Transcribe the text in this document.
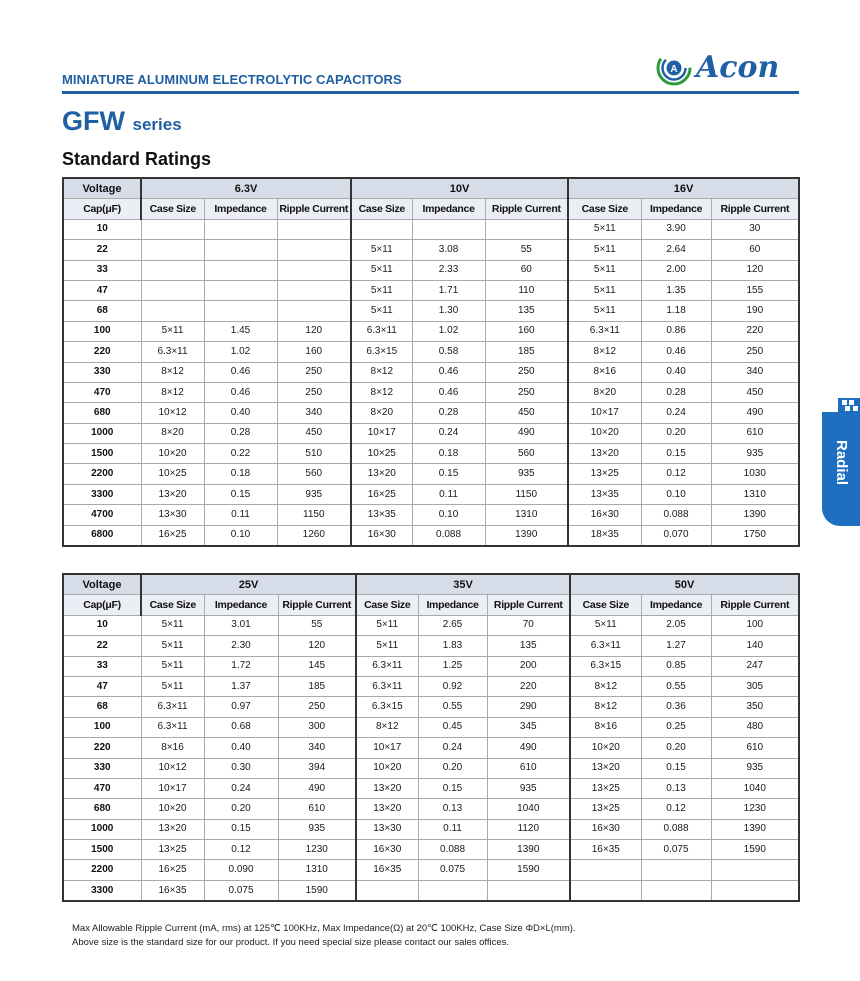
MINIATURE ALUMINUM ELECTROLYTIC CAPACITORS
A Acon
GFW series
Standard Ratings
Radial
Voltage	6.3V			10V			16V		
Cap(μF)	Case Size	Impedance	Ripple Current	Case Size	Impedance	Ripple Current	Case Size	Impedance	Ripple Current
10							5×11	3.90	30
22				5×11	3.08	55	5×11	2.64	60
33				5×11	2.33	60	5×11	2.00	120
47				5×11	1.71	110	5×11	1.35	155
68				5×11	1.30	135	5×11	1.18	190
100	5×11	1.45	120	6.3×11	1.02	160	6.3×11	0.86	220
220	6.3×11	1.02	160	6.3×15	0.58	185	8×12	0.46	250
330	8×12	0.46	250	8×12	0.46	250	8×16	0.40	340
470	8×12	0.46	250	8×12	0.46	250	8×20	0.28	450
680	10×12	0.40	340	8×20	0.28	450	10×17	0.24	490
1000	8×20	0.28	450	10×17	0.24	490	10×20	0.20	610
1500	10×20	0.22	510	10×25	0.18	560	13×20	0.15	935
2200	10×25	0.18	560	13×20	0.15	935	13×25	0.12	1030
3300	13×20	0.15	935	16×25	0.11	1150	13×35	0.10	1310
4700	13×30	0.11	1150	13×35	0.10	1310	16×30	0.088	1390
6800	16×25	0.10	1260	16×30	0.088	1390	18×35	0.070	1750
Voltage	25V			35V			50V		
Cap(μF)	Case Size	Impedance	Ripple Current	Case Size	Impedance	Ripple Current	Case Size	Impedance	Ripple Current
10	5×11	3.01	55	5×11	2.65	70	5×11	2.05	100
22	5×11	2.30	120	5×11	1.83	135	6.3×11	1.27	140
33	5×11	1.72	145	6.3×11	1.25	200	6.3×15	0.85	247
47	5×11	1.37	185	6.3×11	0.92	220	8×12	0.55	305
68	6.3×11	0.97	250	6.3×15	0.55	290	8×12	0.36	350
100	6.3×11	0.68	300	8×12	0.45	345	8×16	0.25	480
220	8×16	0.40	340	10×17	0.24	490	10×20	0.20	610
330	10×12	0.30	394	10×20	0.20	610	13×20	0.15	935
470	10×17	0.24	490	13×20	0.15	935	13×25	0.13	1040
680	10×20	0.20	610	13×20	0.13	1040	13×25	0.12	1230
1000	13×20	0.15	935	13×30	0.11	1120	16×30	0.088	1390
1500	13×25	0.12	1230	16×30	0.088	1390	16×35	0.075	1590
2200	16×25	0.090	1310	16×35	0.075	1590			
3300	16×35	0.075	1590						
Max Allowable Ripple Current (mA, rms) at 125℃ 100KHz, Max Impedance(Ω) at 20℃ 100KHz, Case Size ΦD×L(mm).
Above size is the standard size for our product. If you need special size please contact our sales offices.
